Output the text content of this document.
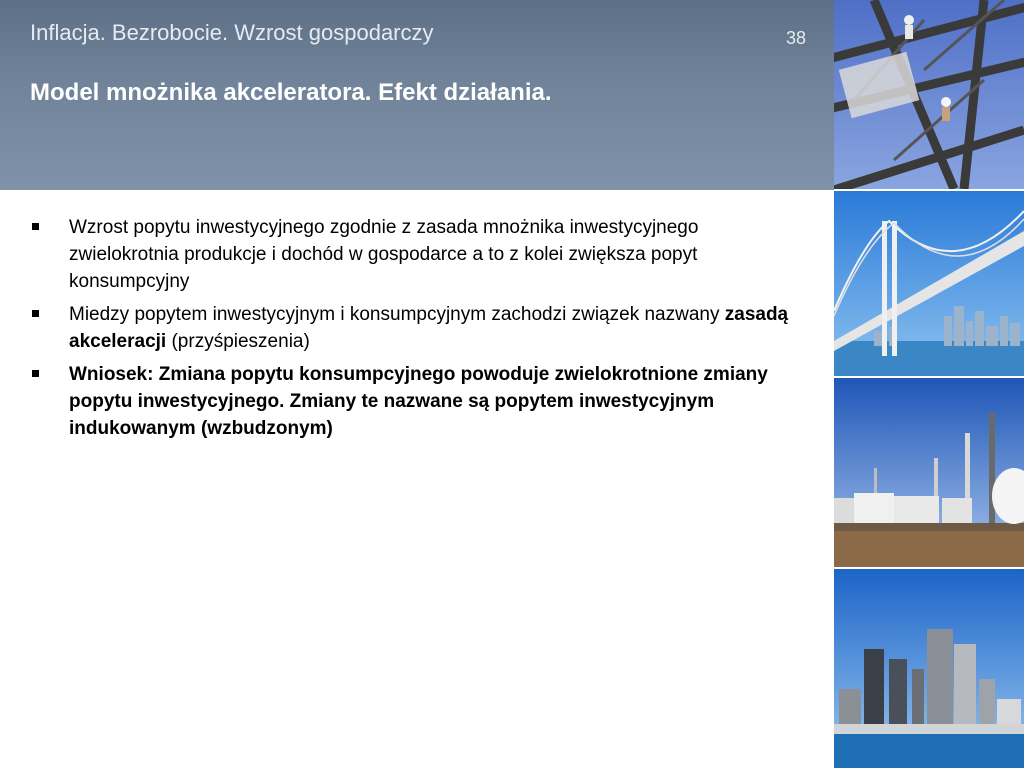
Inflacja. Bezrobocie. Wzrost gospodarczy	38
Model mnożnika akceleratora. Efekt działania.
Wzrost popytu inwestycyjnego zgodnie z zasada mnożnika inwestycyjnego zwielokrotnia produkcje i dochód w gospodarce a to z kolei zwiększa popyt konsumpcyjny
Miedzy popytem inwestycyjnym i konsumpcyjnym zachodzi związek nazwany zasadą akceleracji (przyśpieszenia)
Wniosek: Zmiana popytu konsumpcyjnego powoduje zwielokrotnione zmiany popytu inwestycyjnego. Zmiany te nazwane są popytem inwestycyjnym indukowanym (wzbudzonym)
